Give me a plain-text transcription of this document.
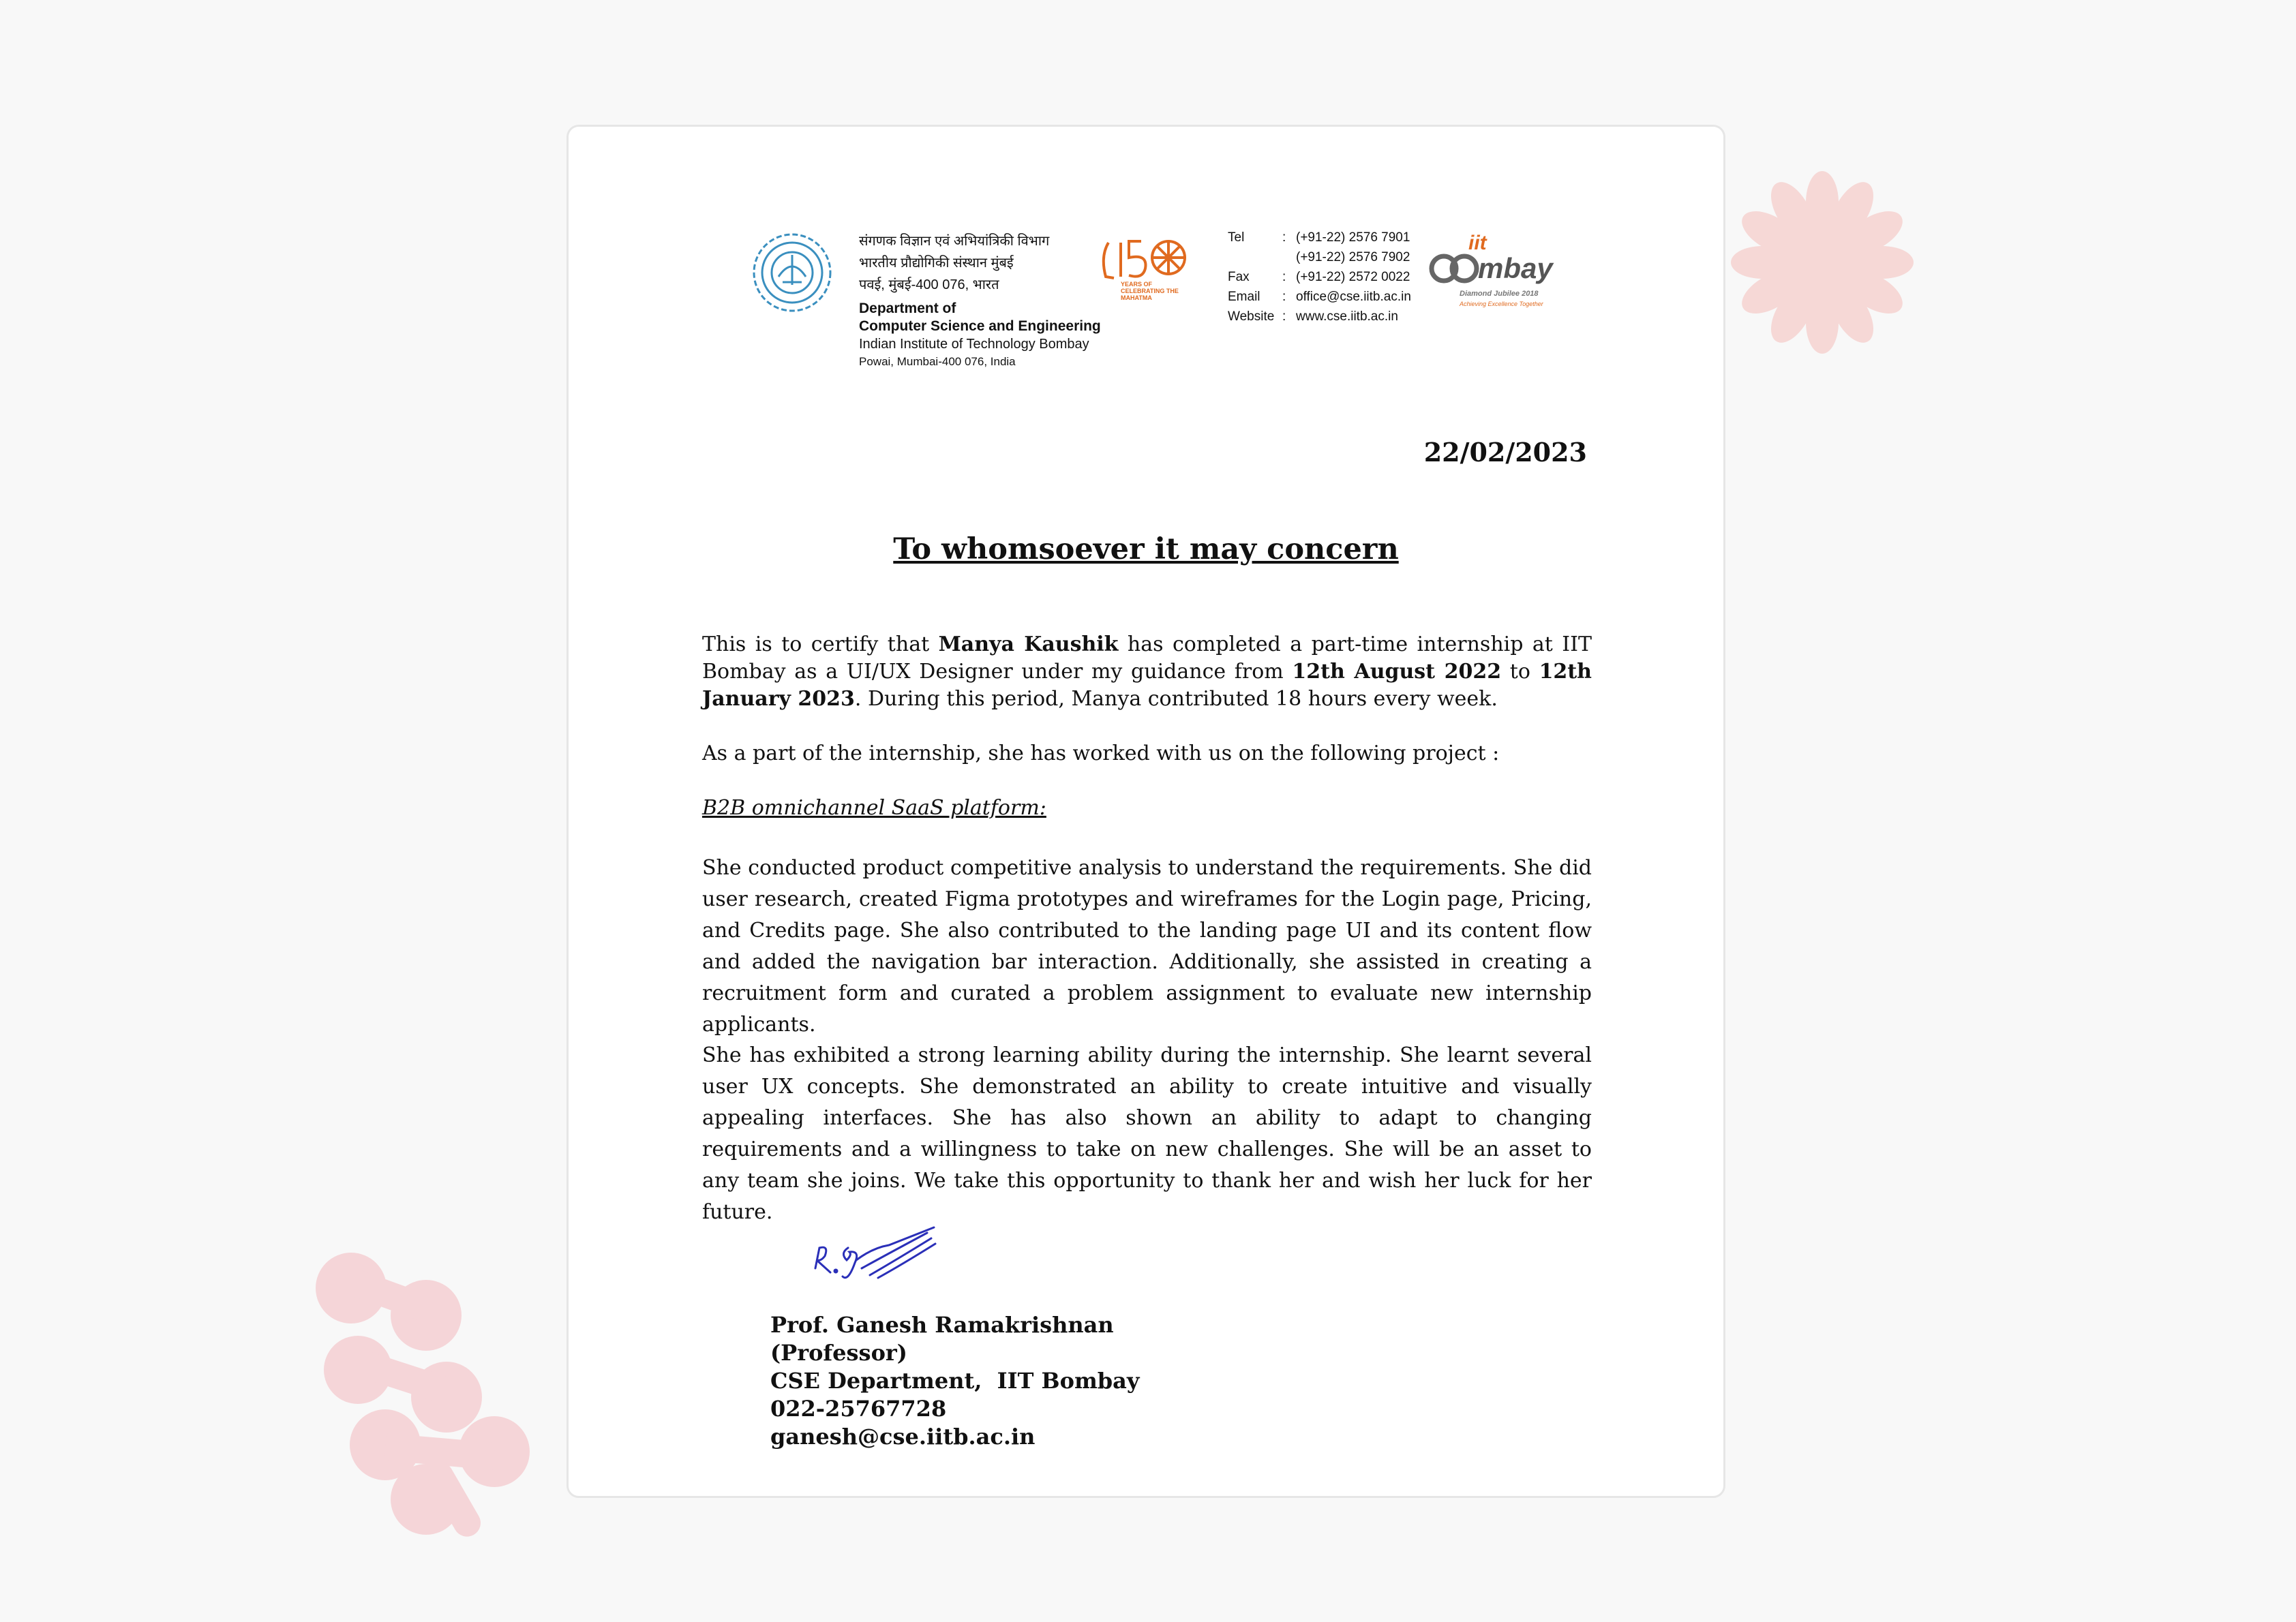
संगणक विज्ञान एवं अभियांत्रिकी विभाग
भारतीय प्रौद्योगिकी संस्थान मुंबई
पवई, मुंबई-400 076, भारत
Department of
Computer Science and Engineering
Indian Institute of Technology Bombay
Powai, Mumbai-400 076, India
YEARS OF CELEBRATING THE MAHATMA
Tel	:	(+91-22) 2576 7901
(+91-22) 2576 7902

Fax	:	(+91-22) 2572 0022
Email	:	office@cse.iitb.ac.in
Website	:	www.cse.iitb.ac.in
iit
mbay
Diamond Jubilee 2018
Achieving Excellence Together
22/02/2023
To whomsoever it may concern
This is to certify that Manya Kaushik has completed a part-time internship at IIT Bombay as a UI/UX Designer under my guidance from 12th August 2022 to 12th January 2023. During this period, Manya contributed 18 hours every week.
As a part of the internship, she has worked with us on the following project :
B2B omnichannel SaaS platform:
She conducted product competitive analysis to understand the requirements. She did user research, created Figma prototypes and wireframes for the Login page, Pricing, and Credits page. She also contributed to the landing page UI and its content flow and added the navigation bar interaction. Additionally, she assisted in creating a recruitment form and curated a problem assignment to evaluate new internship applicants.
She has exhibited a strong learning ability during the internship. She learnt several user UX concepts. She demonstrated an ability to create intuitive and visually appealing interfaces. She has also shown an ability to adapt to changing requirements and a willingness to take on new challenges. She will be an asset to any team she joins. We take this opportunity to thank her and wish her luck for her future.
Prof. Ganesh Ramakrishnan
(Professor)
CSE Department,  IIT Bombay
022-25767728
ganesh@cse.iitb.ac.in
